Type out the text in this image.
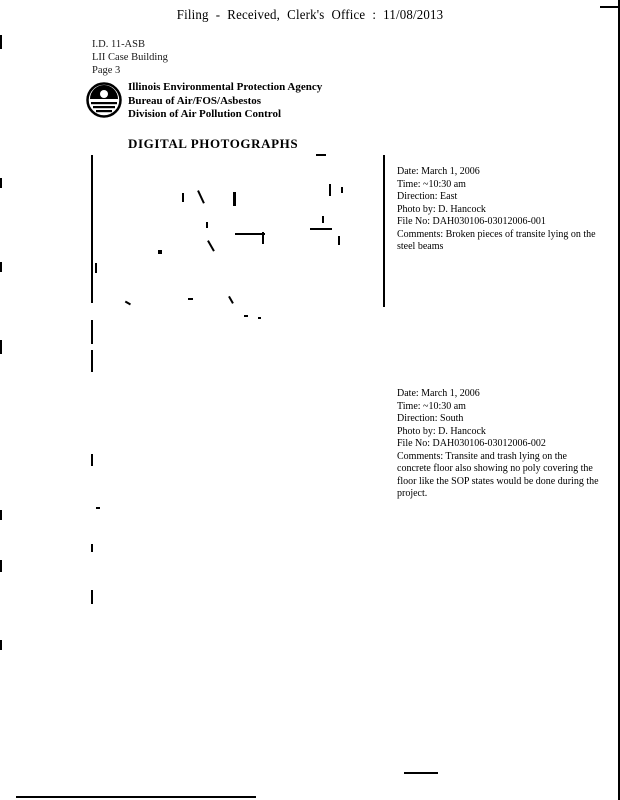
Filing - Received, Clerk's Office : 11/08/2013
I.D. 11-ASB
LII Case Building
Page 3
Illinois Environmental Protection Agency
Bureau of Air/FOS/Asbestos
Division of Air Pollution Control
DIGITAL PHOTOGRAPHS
Date: March 1, 2006
Time: ~10:30 am
Direction: East
Photo by: D. Hancock
File No: DAH030106-03012006-001
Comments: Broken pieces of transite lying on the steel beams
Date: March 1, 2006
Time: ~10:30 am
Direction: South
Photo by: D. Hancock
File No: DAH030106-03012006-002
Comments: Transite and trash lying on the concrete floor also showing no poly covering the floor like the SOP states would be done during the project.
